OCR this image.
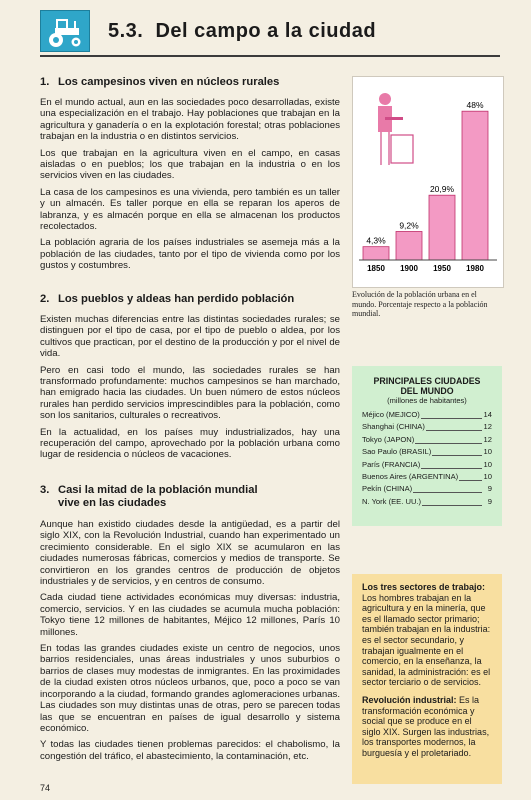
5.3. Del campo a la ciudad

1. Los campesinos viven en núcleos rurales

En el mundo actual, aun en las sociedades poco desarrolladas, existe una especialización en el trabajo. Hay poblaciones que trabajan en la agricultura y ganadería o en la explotación forestal; otras poblaciones trabajan en la industria o en distintos servicios.

Los que trabajan en la agricultura viven en el campo, en casas aisladas o en pueblos; los que trabajan en la industria o en los servicios viven en las ciudades.

La casa de los campesinos es una vivienda, pero también es un taller y un almacén. Es taller porque en ella se reparan los aperos de labranza, y es almacén porque en ella se almacenan los productos recolectados.

La población agraria de los países industriales se asemeja más a la población de las ciudades, tanto por el tipo de vivienda como por los gustos y costumbres.

2. Los pueblos y aldeas han perdido población

Existen muchas diferencias entre las distintas sociedades rurales; se distinguen por el tipo de casa, por el tipo de pueblo o aldea, por los cultivos que practican, por el destino de la producción y por el nivel de vida.

Pero en casi todo el mundo, las sociedades rurales se han transformado profundamente: muchos campesinos se han marchado, han emigrado hacia las ciudades. Un buen número de estos núcleos rurales han perdido servicios imprescindibles para la población, como son los sanitarios, culturales o recreativos.

En la actualidad, en los países muy industrializados, hay una recuperación del campo, aprovechado por la población urbana como lugar de residencia o núcleos de vacaciones.

3. Casi la mitad de la población mundial
vive en las ciudades

Aunque han existido ciudades desde la antigüedad, es a partir del siglo XIX, con la Revolución Industrial, cuando han experimentado un crecimiento considerable. En el siglo XIX se acumularon en las ciudades numerosas fábricas, comercios y medios de transporte. Se convirtieron en los grandes centros de producción de objetos industriales y de servicios, y en centros de consumo.

Cada ciudad tiene actividades económicas muy diversas: industria, comercio, servicios. Y en las ciudades se acumula mucha población: Tokyo tiene 12 millones de habitantes, Méjico 12 millones, París 10 millones.

En todas las grandes ciudades existe un centro de negocios, unos barrios residenciales, unas áreas industriales y unos suburbios o barrios de clases muy modestas de inmigrantes. En las proximidades de la ciudad existen otros núcleos urbanos, que, poco a poco se van incorporando a la ciudad, formando grandes aglomeraciones urbanas. Las ciudades son muy distintas unas de otras, pero se parecen todas las que se encuentran en países de igual desarrollo y sistema económico.

Y todas las ciudades tienen problemas parecidos: el chabolismo, la congestión del tráfico, el abastecimiento, la contaminación, etc.

4,3%
9,2%
20,9%
48%
1850 1900 1950 1980
Evolución de la población urbana en el mundo. Porcentaje respecto a la población mundial.
PRINCIPALES CIUDADES DEL MUNDO
(millones de habitantes)
Méjico (MEJICO)	14
Shanghai (CHINA)	12
Tokyo (JAPON)	12
Sao Paulo (BRASIL)	10
París (FRANCIA)	10
Buenos Aires (ARGENTINA)	10
Pekín (CHINA)	9
N. York (EE. UU.)	9

Los tres sectores de trabajo: Los hombres trabajan en la agricultura y en la minería, que es el llamado sector primario; también trabajan en la industria: es el sector secundario, y trabajan igualmente en el comercio, en la enseñanza, la sanidad, la administración: es el sector terciario o de servicios.

Revolución industrial: Es la transformación económica y social que se produce en el siglo XIX. Surgen las industrias, los transportes modernos, la burguesía y el proletariado.

74
